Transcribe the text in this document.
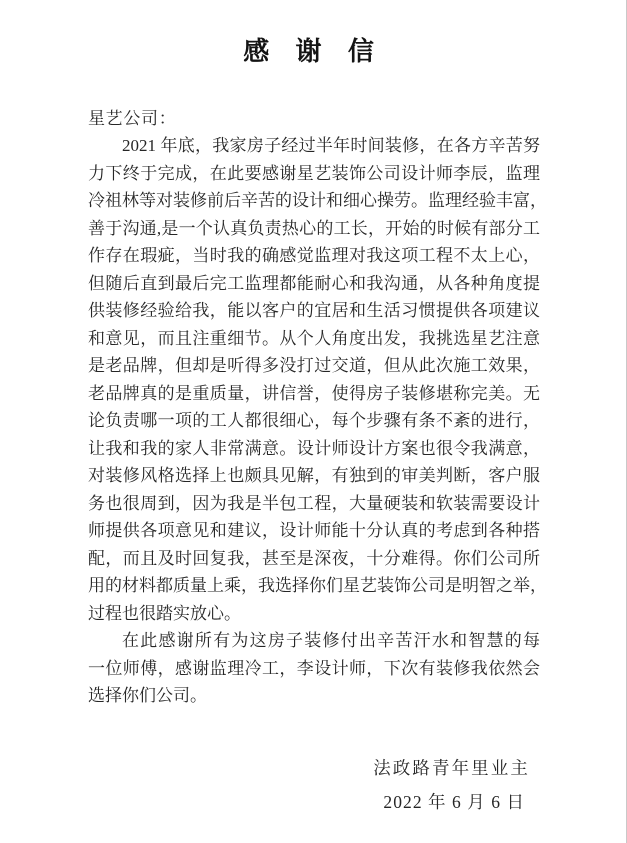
感 谢 信
星艺公司：
2021 年底，我家房子经过半年时间装修，在各方辛苦努
力下终于完成，在此要感谢星艺装饰公司设计师李辰，监理
冷祖林等对装修前后辛苦的设计和细心操劳。监理经验丰富，
善于沟通,是一个认真负责热心的工长，开始的时候有部分工
作存在瑕疵，当时我的确感觉监理对我这项工程不太上心，
但随后直到最后完工监理都能耐心和我沟通，从各种角度提
供装修经验给我，能以客户的宜居和生活习惯提供各项建议
和意见，而且注重细节。从个人角度出发，我挑选星艺注意
是老品牌，但却是听得多没打过交道，但从此次施工效果，
老品牌真的是重质量，讲信誉，使得房子装修堪称完美。无
论负责哪一项的工人都很细心，每个步骤有条不紊的进行，
让我和我的家人非常满意。设计师设计方案也很令我满意，
对装修风格选择上也颇具见解，有独到的审美判断，客户服
务也很周到，因为我是半包工程，大量硬装和软装需要设计
师提供各项意见和建议，设计师能十分认真的考虑到各种搭
配，而且及时回复我，甚至是深夜，十分难得。你们公司所
用的材料都质量上乘，我选择你们星艺装饰公司是明智之举，
过程也很踏实放心。
在此感谢所有为这房子装修付出辛苦汗水和智慧的每
一位师傅，感谢监理冷工，李设计师，下次有装修我依然会
选择你们公司。
法政路青年里业主
2022 年 6 月 6 日
